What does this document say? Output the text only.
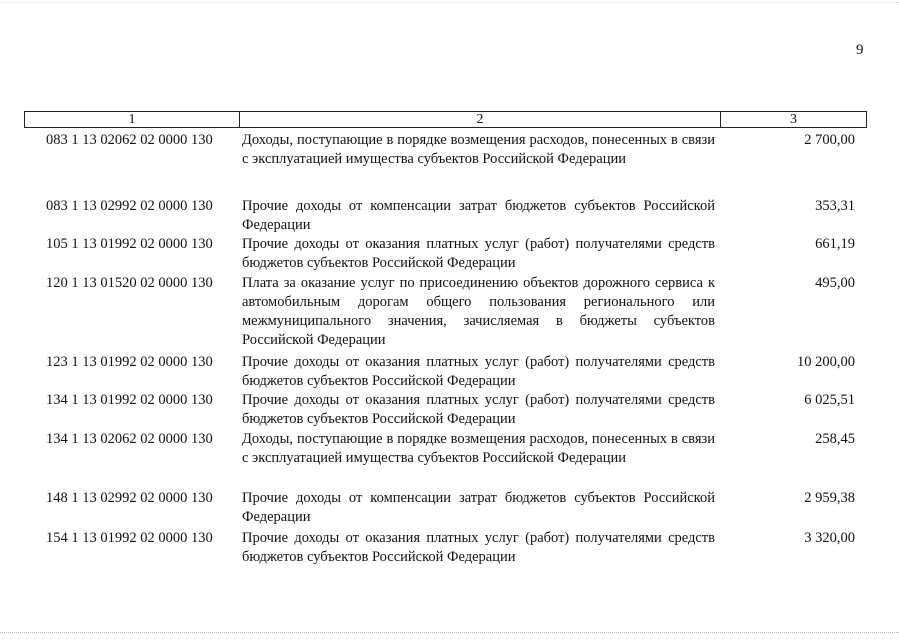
9
1	2	3
083 1 13 02062 02 0000 130 Доходы, поступающие в порядке возмещения расходов, понесенных в связи с эксплуатацией имущества субъектов Российской Федерации
2 700,00
083 1 13 02992 02 0000 130 Прочие доходы от компенсации затрат бюджетов субъектов Российской Федерации
353,31
105 1 13 01992 02 0000 130 Прочие доходы от оказания платных услуг (работ) получателями средств бюджетов субъектов Российской Федерации
661,19
120 1 13 01520 02 0000 130 Плата за оказание услуг по присоединению объектов дорожного сервиса к автомобильным дорогам общего пользования регионального или межмуниципального значения, зачисляемая в бюджеты субъектов Российской Федерации
495,00
123 1 13 01992 02 0000 130 Прочие доходы от оказания платных услуг (работ) получателями средств бюджетов субъектов Российской Федерации
10 200,00
134 1 13 01992 02 0000 130 Прочие доходы от оказания платных услуг (работ) получателями средств бюджетов субъектов Российской Федерации
6 025,51
134 1 13 02062 02 0000 130 Доходы, поступающие в порядке возмещения расходов, понесенных в связи с эксплуатацией имущества субъектов Российской Федерации
258,45
148 1 13 02992 02 0000 130 Прочие доходы от компенсации затрат бюджетов субъектов Российской Федерации
2 959,38
154 1 13 01992 02 0000 130 Прочие доходы от оказания платных услуг (работ) получателями средств бюджетов субъектов Российской Федерации
3 320,00
